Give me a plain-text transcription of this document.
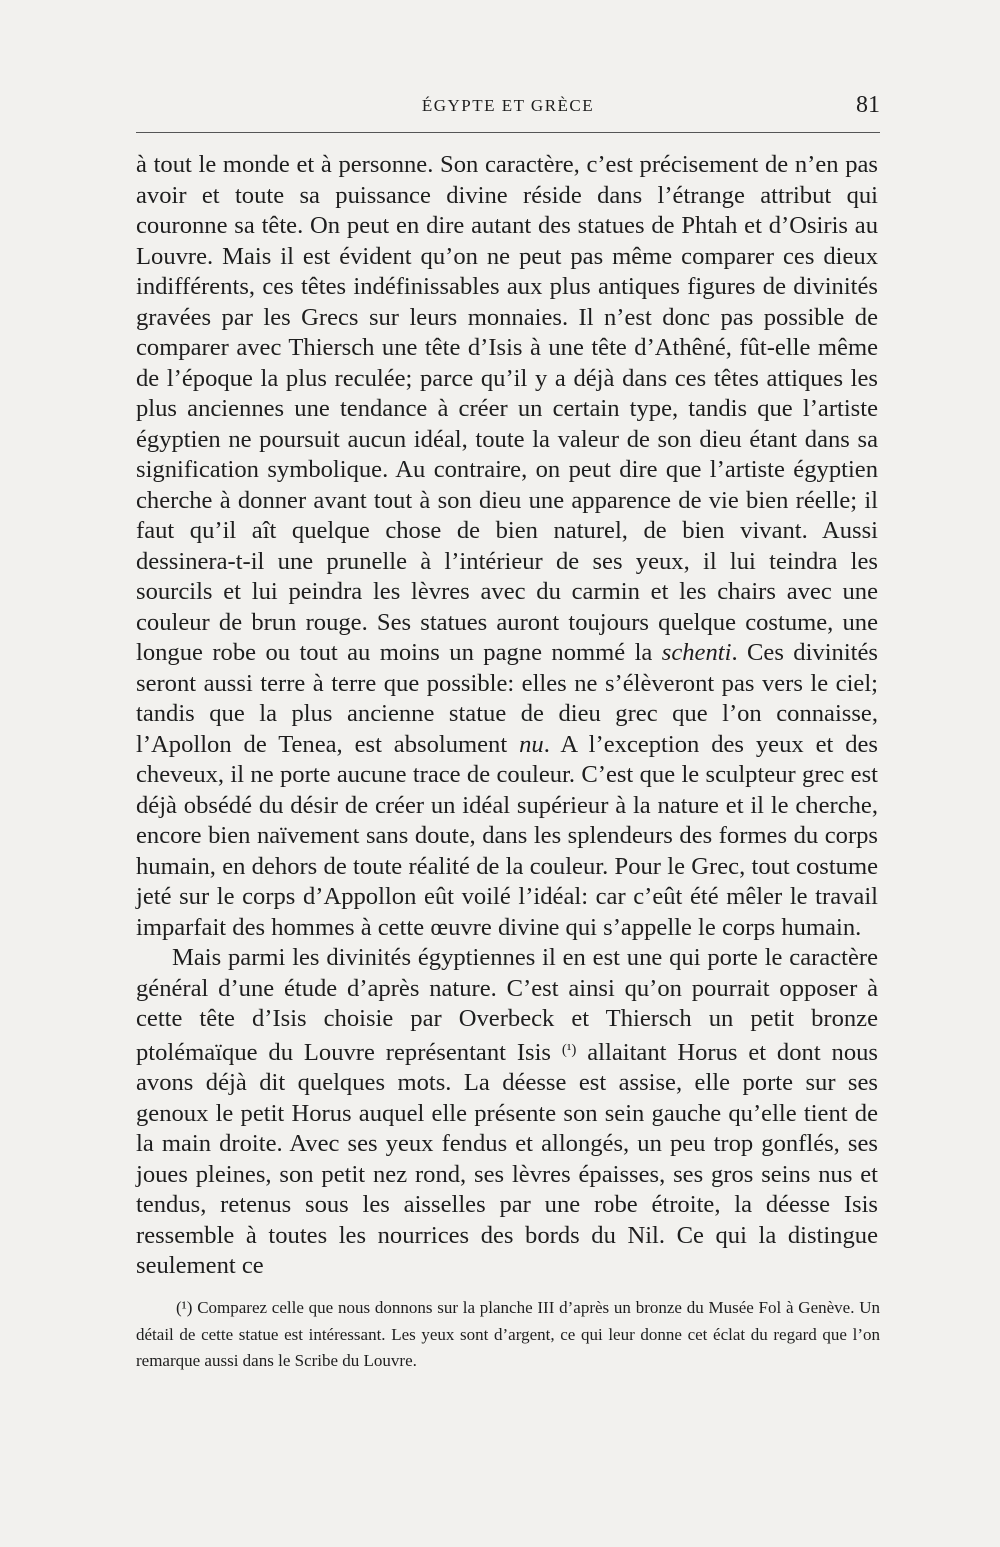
ÉGYPTE ET GRÈCE	81

à tout le monde et à personne. Son caractère, c’est précisement de n’en pas avoir et toute sa puissance divine réside dans l’étrange attribut qui couronne sa tête. On peut en dire autant des statues de Phtah et d’Osiris au Louvre. Mais il est évident qu’on ne peut pas même comparer ces dieux indifférents, ces têtes indéfinissables aux plus antiques figures de divinités gravées par les Grecs sur leurs monnaies. Il n’est donc pas possible de comparer avec Thiersch une tête d’Isis à une tête d’Athêné, fût-elle même de l’époque la plus reculée; parce qu’il y a déjà dans ces têtes attiques les plus anciennes une tendance à créer un certain type, tandis que l’artiste égyptien ne poursuit aucun idéal, toute la valeur de son dieu étant dans sa signification symbolique. Au contraire, on peut dire que l’artiste égyptien cherche à donner avant tout à son dieu une apparence de vie bien réelle; il faut qu’il aît quelque chose de bien naturel, de bien vivant. Aussi dessinera-t-il une prunelle à l’intérieur de ses yeux, il lui teindra les sourcils et lui peindra les lèvres avec du carmin et les chairs avec une couleur de brun rouge. Ses statues auront toujours quelque costume, une longue robe ou tout au moins un pagne nommé la schenti. Ces divinités seront aussi terre à terre que possible: elles ne s’élèveront pas vers le ciel; tandis que la plus ancienne statue de dieu grec que l’on connaisse, l’Apollon de Tenea, est absolument nu. A l’exception des yeux et des cheveux, il ne porte aucune trace de couleur. C’est que le sculpteur grec est déjà obsédé du désir de créer un idéal supérieur à la nature et il le cherche, encore bien naïvement sans doute, dans les splendeurs des formes du corps humain, en dehors de toute réalité de la couleur. Pour le Grec, tout costume jeté sur le corps d’Appollon eût voilé l’idéal: car c’eût été mêler le travail imparfait des hommes à cette œuvre divine qui s’appelle le corps humain.

Mais parmi les divinités égyptiennes il en est une qui porte le caractère général d’une étude d’après nature. C’est ainsi qu’on pourrait opposer à cette tête d’Isis choisie par Overbeck et Thiersch un petit bronze ptolémaïque du Louvre représentant Isis $^{(^1)}$ allaitant Horus et dont nous avons déjà dit quelques mots. La déesse est assise, elle porte sur ses genoux le petit Horus auquel elle présente son sein gauche qu’elle tient de la main droite. Avec ses yeux fendus et allongés, un peu trop gonflés, ses joues pleines, son petit nez rond, ses lèvres épaisses, ses gros seins nus et tendus, retenus sous les aisselles par une robe étroite, la déesse Isis ressemble à toutes les nourrices des bords du Nil. Ce qui la distingue seulement ce

(¹) Comparez celle que nous donnons sur la planche III d’après un bronze du Musée Fol à Genève. Un détail de cette statue est intéressant. Les yeux sont d’argent, ce qui leur donne cet éclat du regard que l’on remarque aussi dans le Scribe du Louvre.
